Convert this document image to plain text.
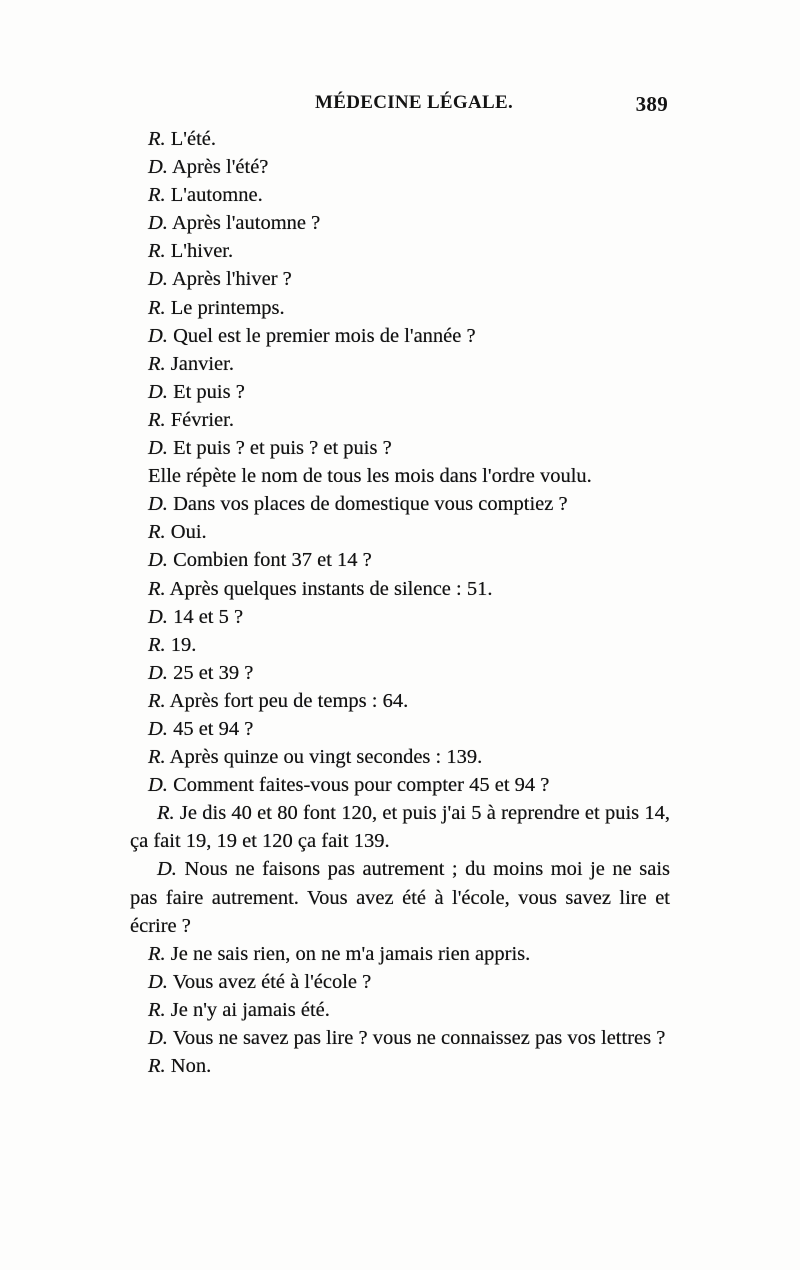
MÉDECINE LÉGALE.	389
R. L'été.
D. Après l'été?
R. L'automne.
D. Après l'automne ?
R. L'hiver.
D. Après l'hiver ?
R. Le printemps.
D. Quel est le premier mois de l'année ?
R. Janvier.
D. Et puis ?
R. Février.
D. Et puis ? et puis ? et puis ?
Elle répète le nom de tous les mois dans l'ordre voulu.
D. Dans vos places de domestique vous comptiez ?
R. Oui.
D. Combien font 37 et 14 ?
R. Après quelques instants de silence : 51.
D. 14 et 5 ?
R. 19.
D. 25 et 39 ?
R. Après fort peu de temps : 64.
D. 45 et 94 ?
R. Après quinze ou vingt secondes : 139.
D. Comment faites-vous pour compter 45 et 94 ?
R. Je dis 40 et 80 font 120, et puis j'ai 5 à reprendre et puis 14, ça fait 19, 19 et 120 ça fait 139.
D. Nous ne faisons pas autrement ; du moins moi je ne sais pas faire autrement. Vous avez été à l'école, vous savez lire et écrire ?
R. Je ne sais rien, on ne m'a jamais rien appris.
D. Vous avez été à l'école ?
R. Je n'y ai jamais été.
D. Vous ne savez pas lire ? vous ne connaissez pas vos lettres ?
R. Non.
